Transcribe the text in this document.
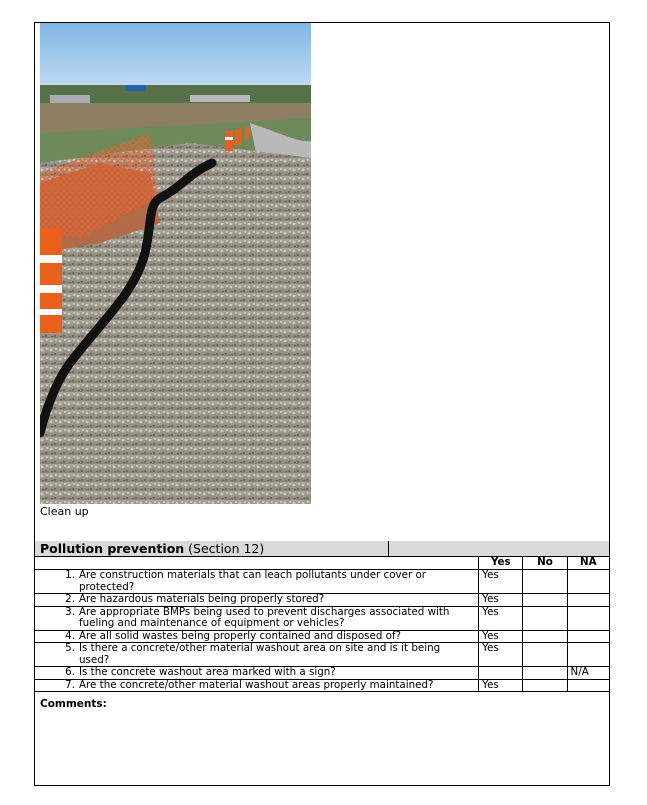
Clean up
Pollution prevention (Section 12)
	Yes	No	NA
1. Are construction materials that can leach pollutants under cover or protected?	Yes		
2. Are hazardous materials being properly stored?	Yes		
3. Are appropriate BMPs being used to prevent discharges associated with fueling and maintenance of equipment or vehicles?	Yes		
4. Are all solid wastes being properly contained and disposed of?	Yes		
5. Is there a concrete/other material washout area on site and is it being used?	Yes		
6. Is the concrete washout area marked with a sign?			N/A
7. Are the concrete/other material washout areas properly maintained?	Yes		
Comments:
